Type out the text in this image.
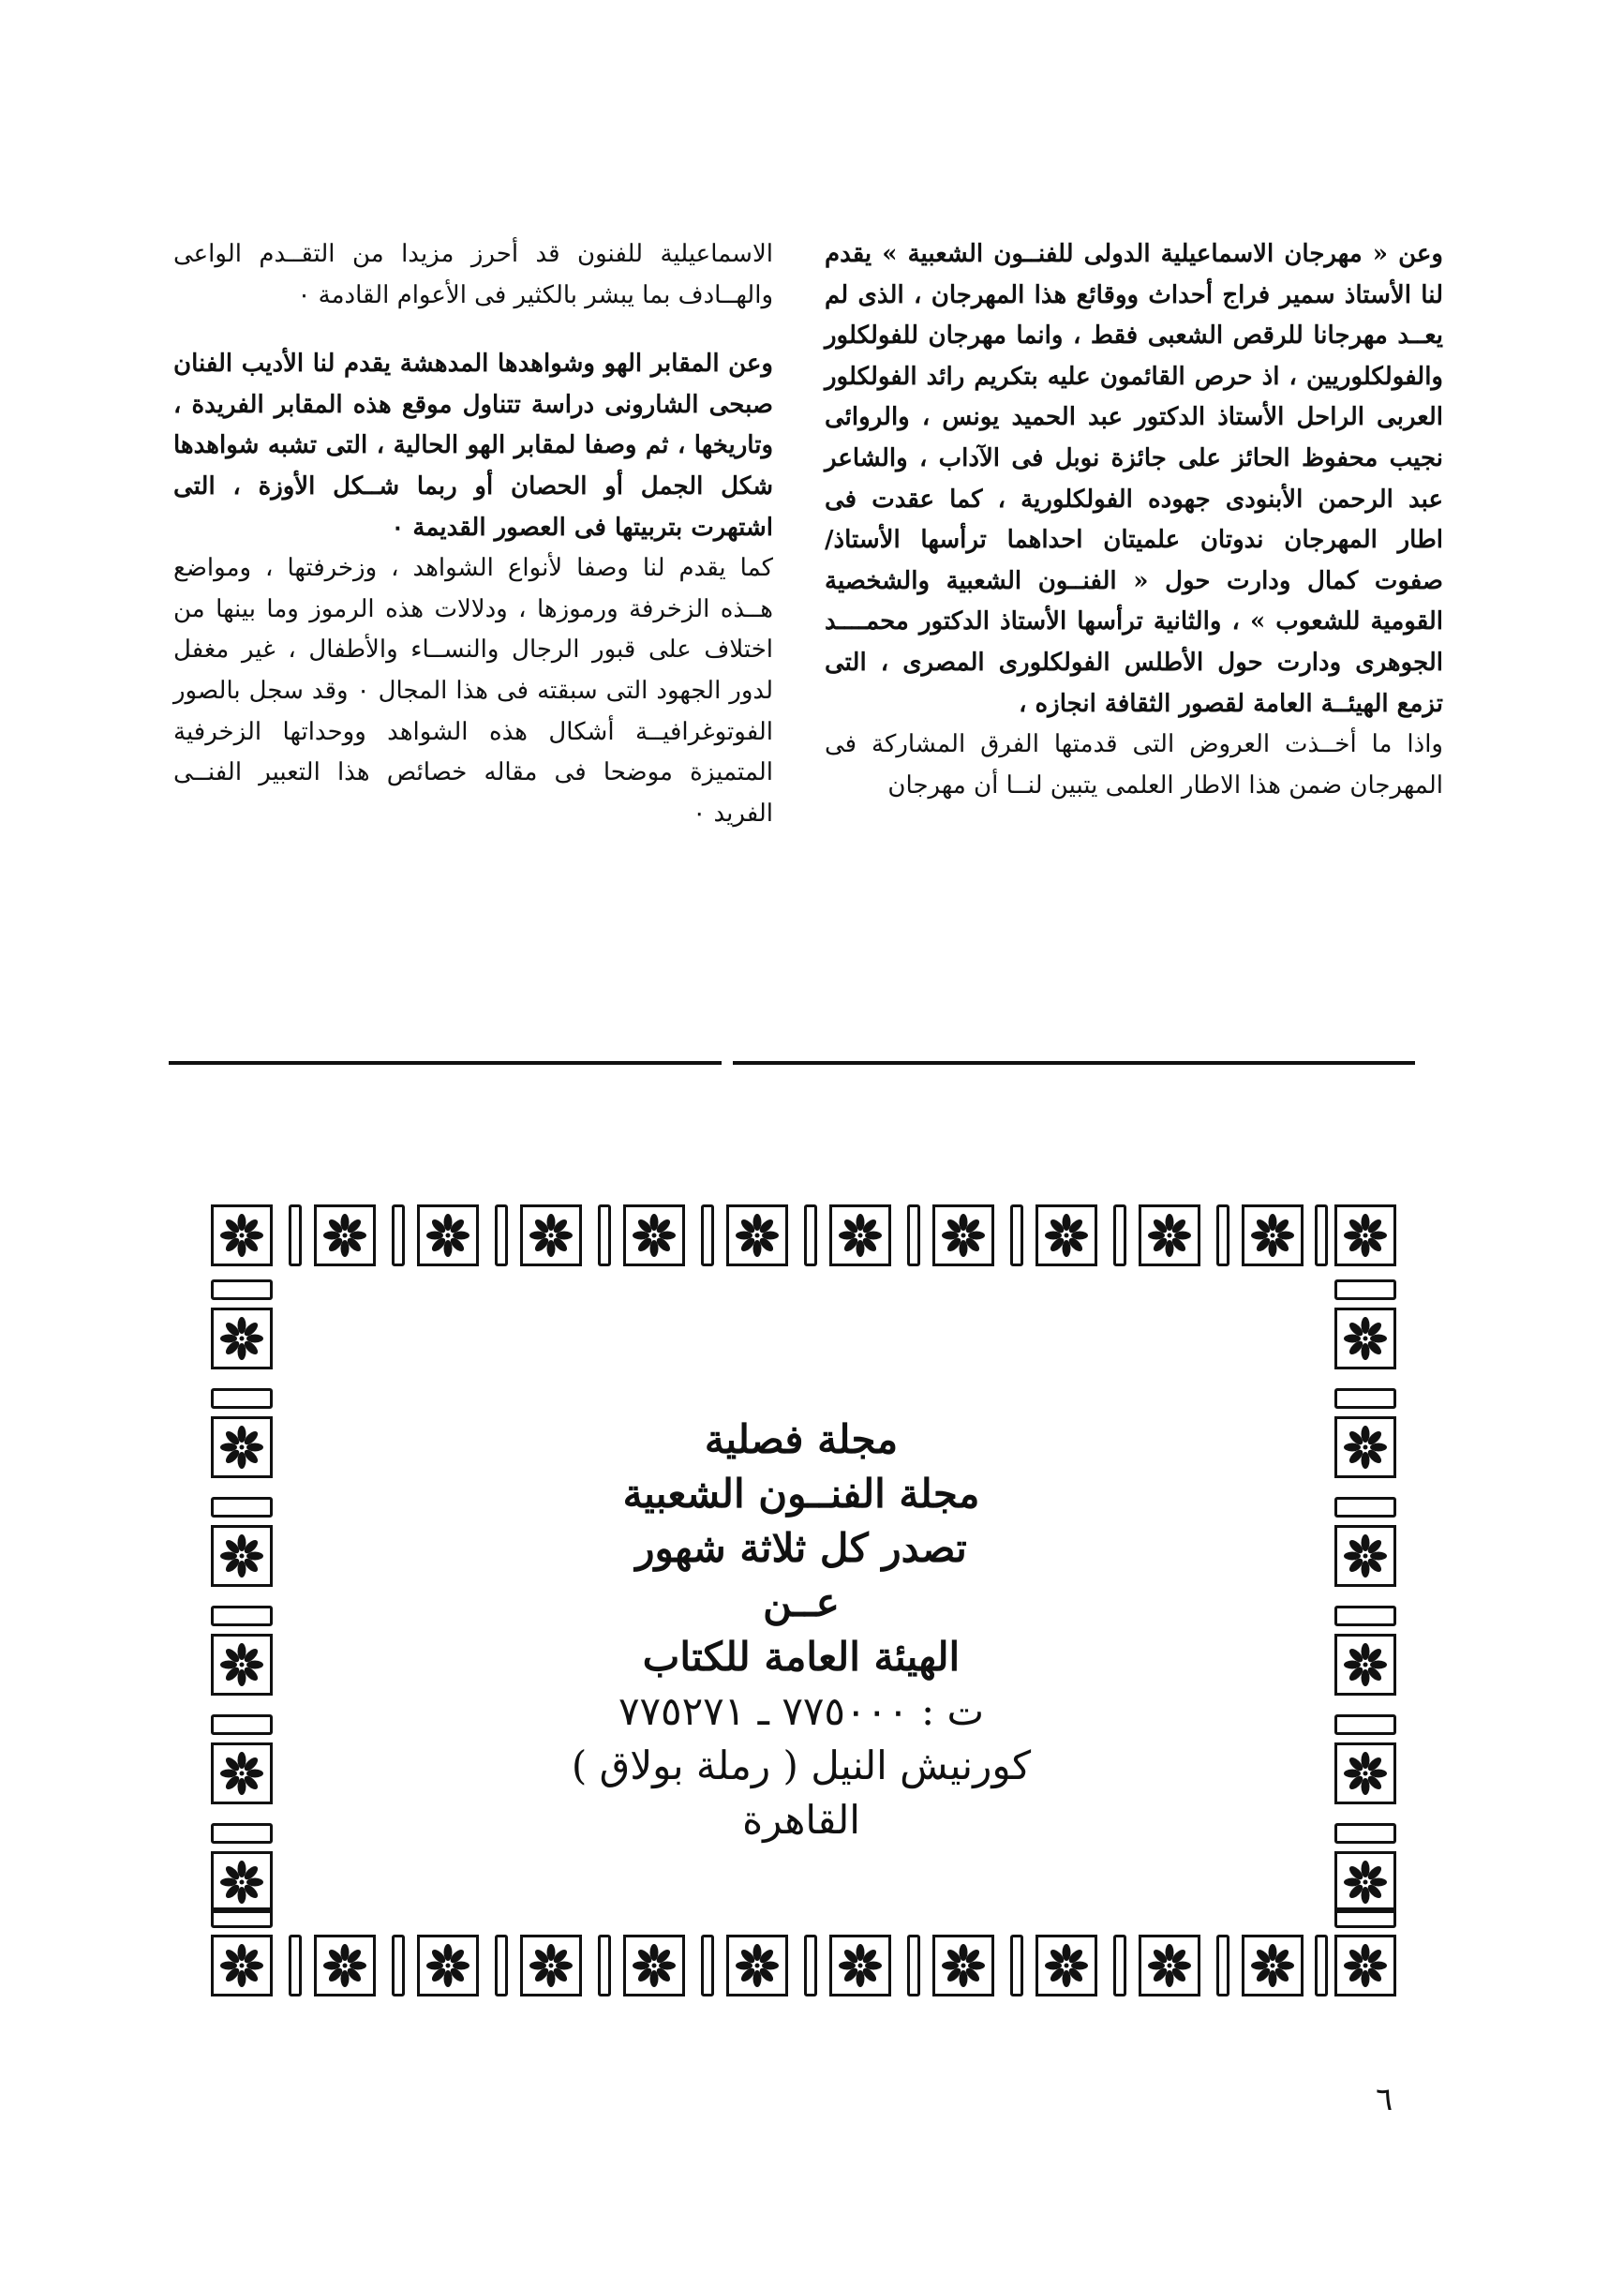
وعن « مهرجان الاسماعيلية الدولى للفنــون الشعبية » يقدم لنا الأستاذ سمير فراج أحداث ووقائع هذا المهرجان ، الذى لم يعــد مهرجانا للرقص الشعبى فقط ، وانما مهرجان للفولكلور والفولكلوريين ، اذ حرص القائمون عليه بتكريم رائد الفولكلور العربى الراحل الأستاذ الدكتور عبد الحميد يونس ، والروائى نجيب محفوظ الحائز على جائزة نوبل فى الآداب ، والشاعر عبد الرحمن الأبنودى جهوده الفولكلورية ، كما عقدت فى اطار المهرجان ندوتان علميتان احداهما ترأسها الأستاذ/ صفوت كمال ودارت حول « الفنــون الشعبية والشخصية القومية للشعوب » ، والثانية ترأسها الأستاذ الدكتور محمــــد الجوهرى ودارت حول الأطلس الفولكلورى المصرى ، التى تزمع الهيئــة العامة لقصور الثقافة انجازه ،

واذا ما أخــذت العروض التى قدمتها الفرق المشاركة فى المهرجان ضمن هذا الاطار العلمى يتبين لنــا أن مهرجان

الاسماعيلية للفنون قد أحرز مزيدا من التقــدم الواعى والهــادف بما يبشر بالكثير فى الأعوام القادمة ٠

وعن المقابر الهو وشواهدها المدهشة يقدم لنا الأديب الفنان صبحى الشارونى دراسة تتناول موقع هذه المقابر الفريدة ، وتاريخها ، ثم وصفا لمقابر الهو الحالية ، التى تشبه شواهدها شكل الجمل أو الحصان أو ربما شــكل الأوزة ، التى اشتهرت بتربيتها فى العصور القديمة ٠

كما يقدم لنا وصفا لأنواع الشواهد ، وزخرفتها ، ومواضع هــذه الزخرفة ورموزها ، ودلالات هذه الرموز وما بينها من اختلاف على قبور الرجال والنســاء والأطفال ، غير مغفل لدور الجهود التى سبقته فى هذا المجال ٠ وقد سجل بالصور الفوتوغرافيــة أشكال هذه الشواهد ووحداتها الزخرفية المتميزة موضحا فى مقاله خصائص هذا التعبير الفنــى الفريد ٠

مجلة فصلية
مجلة الفنــون الشعبية
تصدر كل ثلاثة شهور
عــن
الهيئة العامة للكتاب
ت : ٧٧٥٠٠٠ ـ ٧٧٥٢٧١
كورنيش النيل ( رملة بولاق ) القاهرة
٦
